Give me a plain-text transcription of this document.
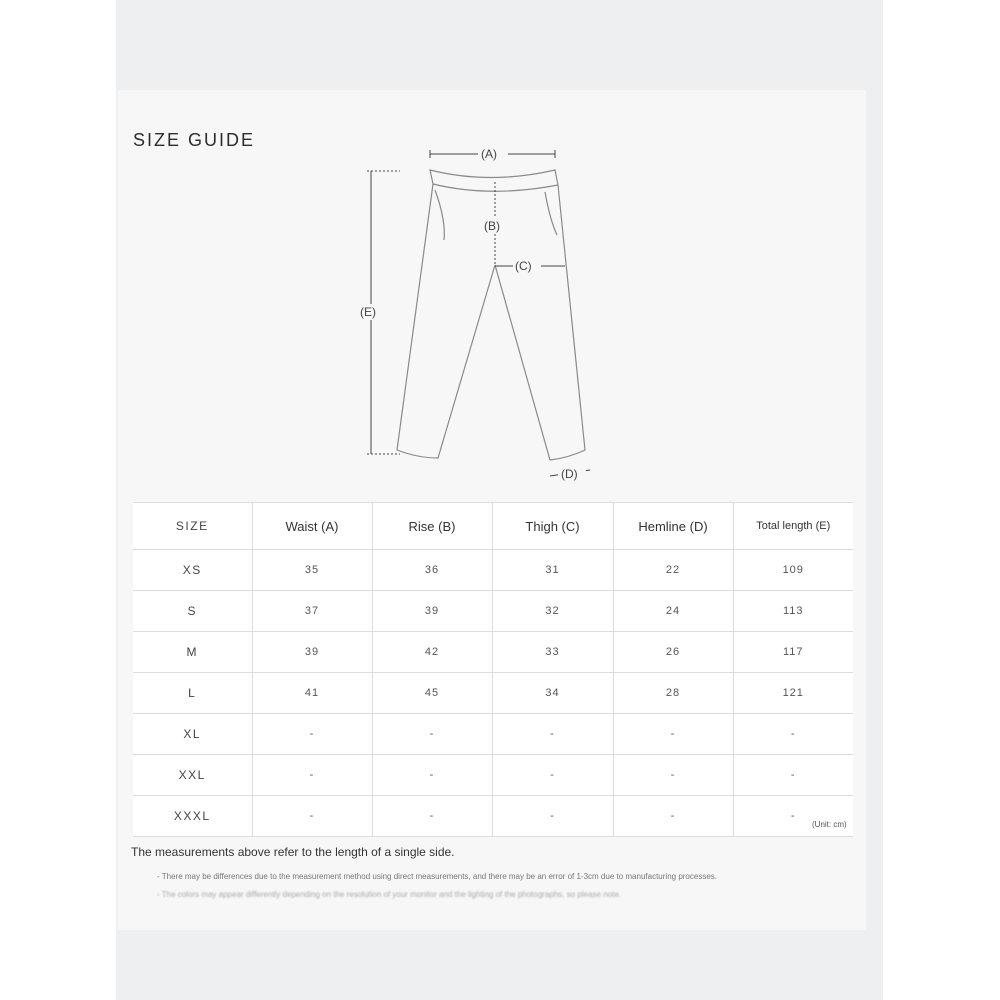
SIZE GUIDE
(A)
(B)
(C)
(E)
(D)
SIZE	Waist (A)	Rise (B)	Thigh (C)	Hemline (D)	Total length (E)
XS	35	36	31	22	109
S	37	39	32	24	113
M	39	42	33	26	117
L	41	45	34	28	121
XL	-	-	-	-	-
XXL	-	-	-	-	-
XXXL	-	-	-	-	-
(Unit: cm)
The measurements above refer to the length of a single side.
- There may be differences due to the measurement method using direct measurements, and there may be an error of 1-3cm due to manufacturing processes.
- The colors may appear differently depending on the resolution of your monitor and the lighting of the photographs, so please note.
